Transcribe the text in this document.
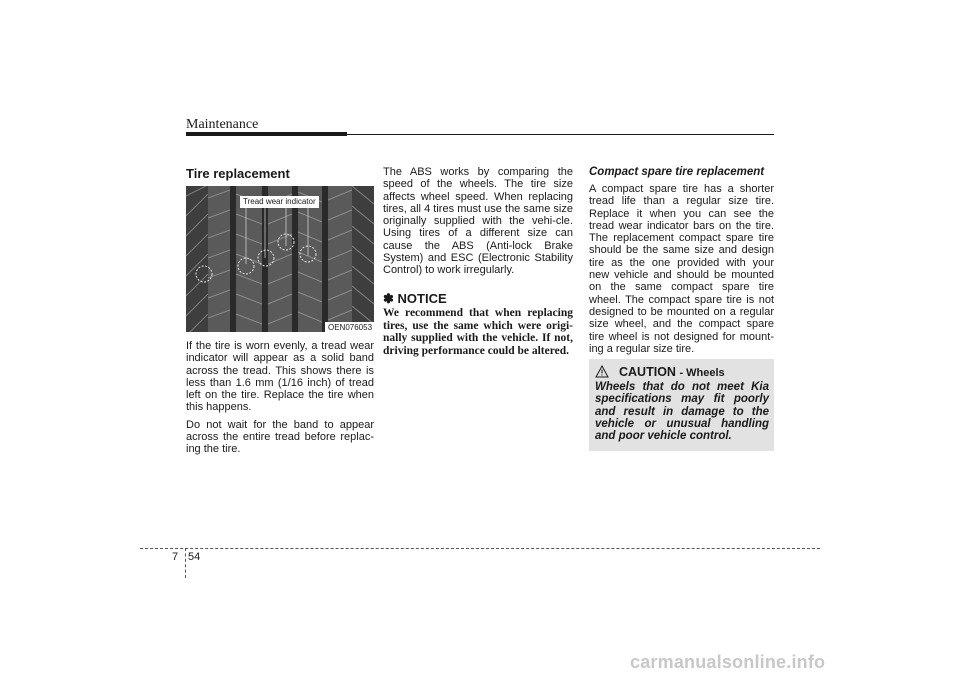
Maintenance
Tire replacement
Tread wear indicator
OEN076053

If the tire is worn evenly, a tread wear indicator will appear as a solid band across the tread. This shows there is less than 1.6 mm (1/16 inch) of tread left on the tire. Replace the tire when this happens.

Do not wait for the band to appear across the entire tread before replac-ing the tire.

The ABS works by comparing the speed of the wheels. The tire size affects wheel speed. When replacing tires, all 4 tires must use the same size originally supplied with the vehi-cle. Using tires of a different size can cause the ABS (Anti-lock Brake System) and ESC (Electronic Stability Control) to work irregularly.

✽ NOTICE
We recommend that when replacing tires, use the same which were origi-nally supplied with the vehicle. If not, driving performance could be altered.
Compact spare tire replacement

A compact spare tire has a shorter tread life than a regular size tire. Replace it when you can see the tread wear indicator bars on the tire. The replacement compact spare tire should be the same size and design tire as the one provided with your new vehicle and should be mounted on the same compact spare tire wheel. The compact spare tire is not designed to be mounted on a regular size wheel, and the compact spare tire wheel is not designed for mount-ing a regular size tire.

CAUTION - Wheels
Wheels that do not meet Kia specifications may fit poorly and result in damage to the vehicle or unusual handling and poor vehicle control.
7 54
carmanualsonline.info
